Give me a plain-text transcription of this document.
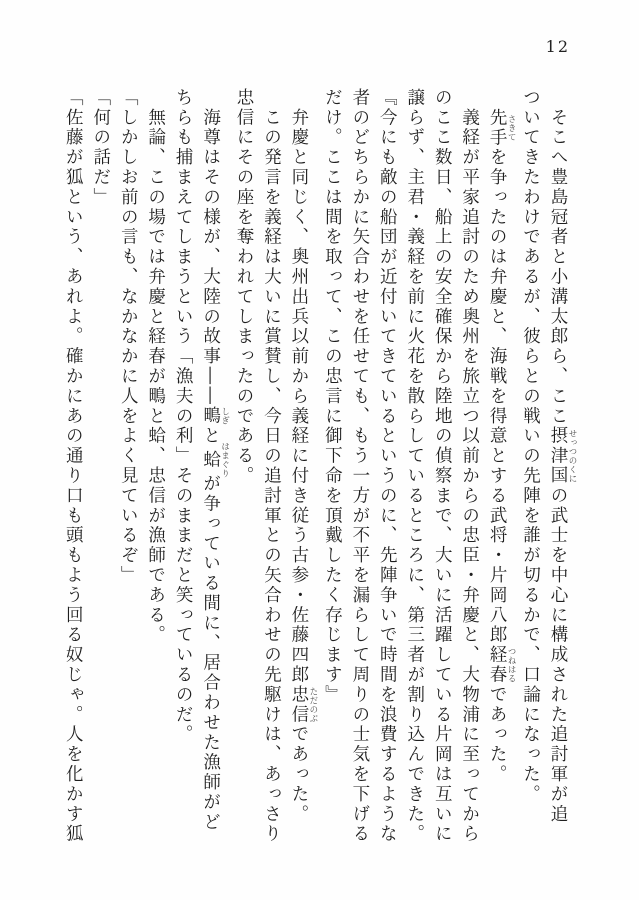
12
　そこへ豊島冠者と小溝太郎ら、ここ摂津国 せっつのくにの武士を中心に構成された追討軍が追
ついてきたわけであるが、彼らとの戦いの先陣を誰が切るかで、口論になった。
　先手 さきてを争ったのは弁慶と、海戦を得意とする武将・片岡八郎経春 つねはるであった。
　義経が平家追討のため奥州を旅立つ以前からの忠臣・弁慶と、大物浦に至ってから
のここ数日、船上の安全確保から陸地の偵察まで、大いに活躍している片岡は互いに
譲らず、主君・義経を前に火花を散らしているところに、第三者が割り込んできた。
『今にも敵の船団が近付いてきているというのに、先陣争いで時間を浪費するような
者のどちらかに矢合わせを任せても、もう一方が不平を漏らして周りの士気を下げる
だけ。ここは間を取って、この忠言に御下命を頂戴したく存じます』
　弁慶と同じく、奥州出兵以前から義経に付き従う古参・佐藤四郎忠信 ただのぶであった。
　この発言を義経は大いに賞賛し、今日の追討軍との矢合わせの先駆けは、あっさり
忠信にその座を奪われてしまったのである。
　海尊はその様が、大陸の故事――鴫 しぎと蛤 はまぐりが争っている間に、居合わせた漁師がど
ちらも捕まえてしまうという「漁夫の利」そのままだと笑っているのだ。
　無論、この場では弁慶と経春が鴫と蛤、忠信が漁師である。
「しかしお前の言も、なかなかに人をよく見ているぞ」
「何の話だ」
「佐藤が狐という、あれよ。確かにあの通り口も頭もよう回る奴じゃ。人を化かす狐
